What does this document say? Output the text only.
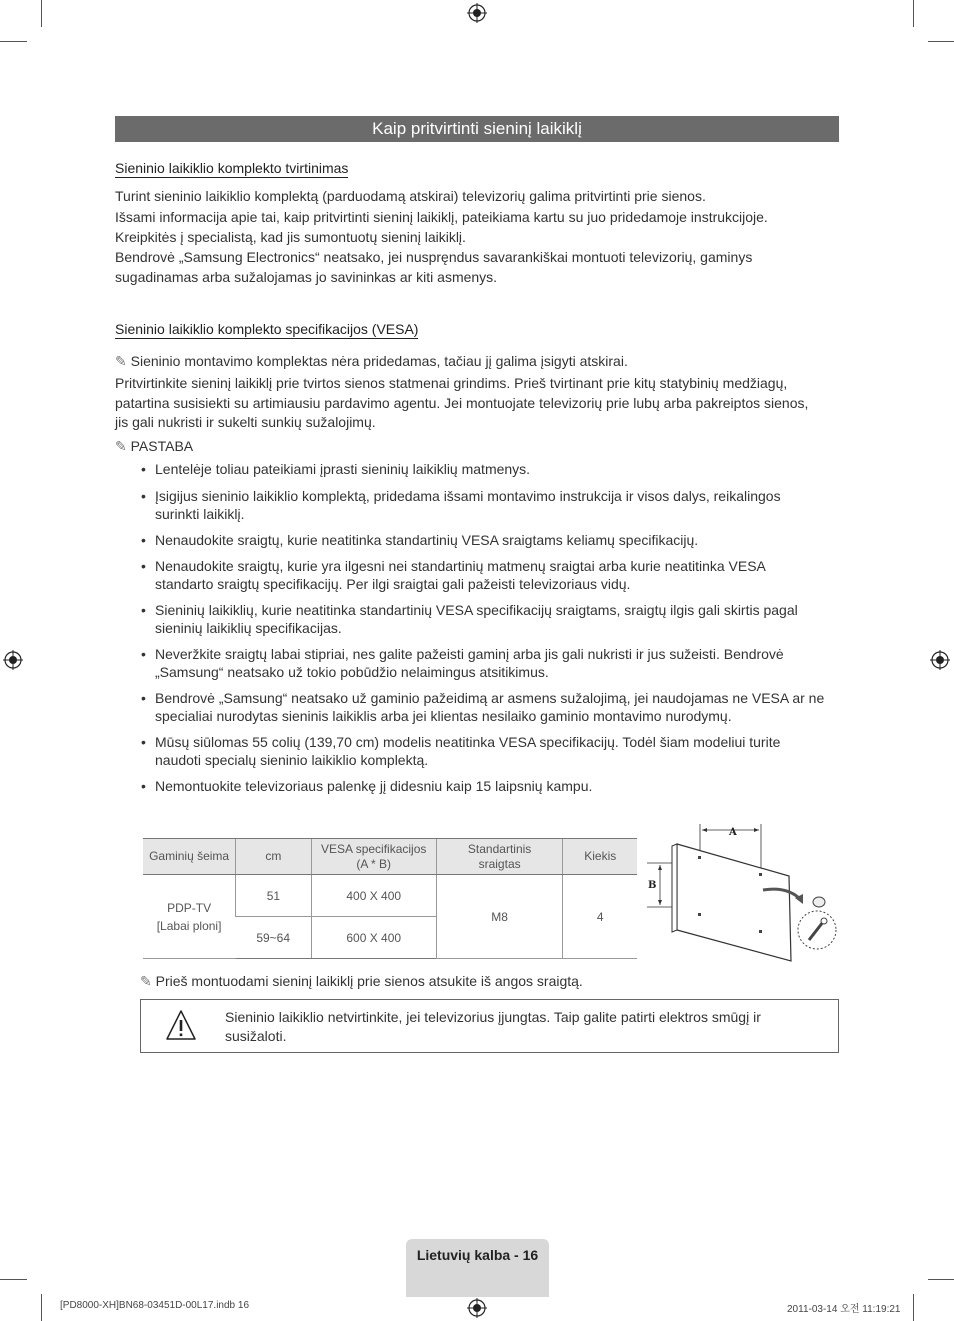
Kaip pritvirtinti sieninį laikiklį
Sieninio laikiklio komplekto tvirtinimas
Turint sieninio laikiklio komplektą (parduodamą atskirai) televizorių galima pritvirtinti prie sienos.
Išsami informacija apie tai, kaip pritvirtinti sieninį laikiklį, pateikiama kartu su juo pridedamoje instrukcijoje.
Kreipkitės į specialistą, kad jis sumontuotų sieninį laikiklį.
Bendrovė „Samsung Electronics“ neatsako, jei nuspręndus savarankiškai montuoti televizorių, gaminys
sugadinamas arba sužalojamas jo savininkas ar kiti asmenys.
Sieninio laikiklio komplekto specifikacijos (VESA)
✎ Sieninio montavimo komplektas nėra pridedamas, tačiau jį galima įsigyti atskirai.
Pritvirtinkite sieninį laikiklį prie tvirtos sienos statmenai grindims. Prieš tvirtinant prie kitų statybinių medžiagų,
patartina susisiekti su artimiausiu pardavimo agentu. Jei montuojate televizorių prie lubų arba pakreiptos sienos,
jis gali nukristi ir sukelti sunkių sužalojimų.
✎ PASTABA
• Lentelėje toliau pateikiami įprasti sieninių laikiklių matmenys.
• Įsigijus sieninio laikiklio komplektą, pridedama išsami montavimo instrukcija ir visos dalys, reikalingos surinkti laikiklį.
• Nenaudokite sraigtų, kurie neatitinka standartinių VESA sraigtams keliamų specifikacijų.
• Nenaudokite sraigtų, kurie yra ilgesni nei standartinių matmenų sraigtai arba kurie neatitinka VESA standarto sraigtų specifikacijų. Per ilgi sraigtai gali pažeisti televizoriaus vidų.
• Sieninių laikiklių, kurie neatitinka standartinių VESA specifikacijų sraigtams, sraigtų ilgis gali skirtis pagal sieninių laikiklių specifikacijas.
• Neveržkite sraigtų labai stipriai, nes galite pažeisti gaminį arba jis gali nukristi ir jus sužeisti. Bendrovė „Samsung“ neatsako už tokio pobūdžio nelaimingus atsitikimus.
• Bendrovė „Samsung“ neatsako už gaminio pažeidimą ar asmens sužalojimą, jei naudojamas ne VESA ar ne specialiai nurodytas sieninis laikiklis arba jei klientas nesilaiko gaminio montavimo nurodymų.
• Mūsų siūlomas 55 colių (139,70 cm) modelis neatitinka VESA specifikacijų. Todėl šiam modeliui turite naudoti specialų sieninio laikiklio komplektą.
• Nemontuokite televizoriaus palenkę jį didesniu kaip 15 laipsnių kampu.
Gaminių šeima	cm	VESA specifikacijos (A * B)	Standartinis sraigtas	Kiekis
PDP-TV
[Labai ploni]	51	400 X 400	M8	4
	59~64	600 X 400		
A
B
✎ Prieš montuodami sieninį laikiklį prie sienos atsukite iš angos sraigtą.
Sieninio laikiklio netvirtinkite, jei televizorius įjungtas. Taip galite patirti elektros smūgį ir susižaloti.
Lietuvių kalba - 16
[PD8000-XH]BN68-03451D-00L17.indb 16	2011-03-14 오전 11:19:21
